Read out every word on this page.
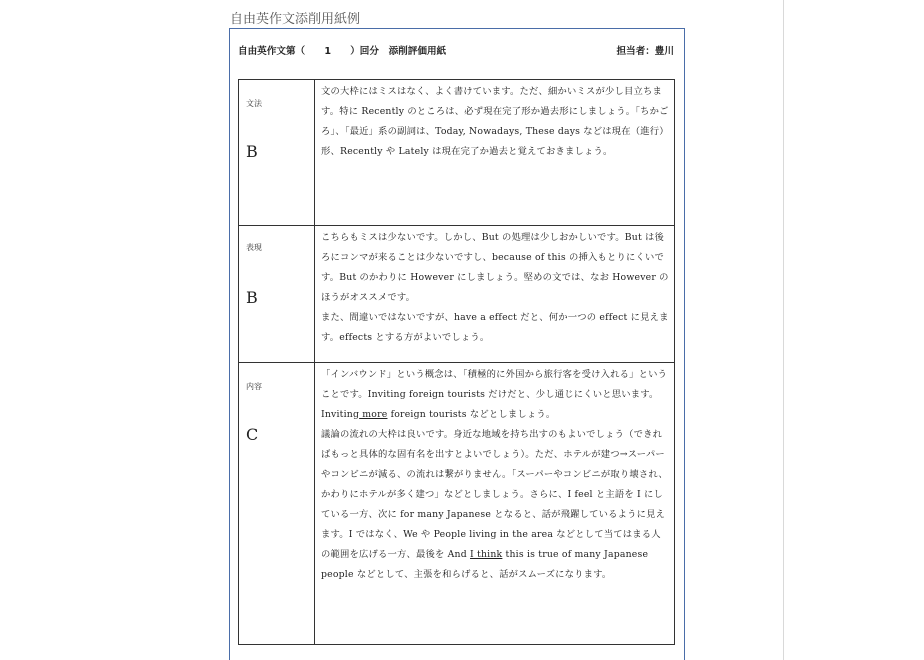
自由英作文添削用紙例
自由英作文第（　　1　　）回分　添削評価用紙	担当者：豊川
文法
B

文の大枠にはミスはなく、よく書けています。ただ、細かいミスが少し目立ちます。特に Recently のところは、必ず現在完了形か過去形にしましょう。「ちかごろ」、「最近」系の副詞は、Today, Nowadays, These days などは現在（進行）形、Recently や Lately は現在完了か過去と覚えておきましょう。

表現
B

こちらもミスは少ないです。しかし、But の処理は少しおかしいです。But は後ろにコンマが来ることは少ないですし、because of this の挿入もとりにくいです。But のかわりに However にしましょう。堅めの文では、なお However のほうがオススメです。

また、間違いではないですが、have a effect だと、何か一つの effect に見えます。effects とする方がよいでしょう。

内容
C

「インバウンド」という概念は、「積極的に外国から旅行客を受け入れる」ということです。Inviting foreign tourists だけだと、少し通じにくいと思います。Inviting more foreign tourists などとしましょう。

議論の流れの大枠は良いです。身近な地域を持ち出すのもよいでしょう（できればもっと具体的な固有名を出すとよいでしょう）。ただ、ホテルが建つ→スーパーやコンビニが減る、の流れは繋がりません。「スーパーやコンビニが取り壊され、かわりにホテルが多く建つ」などとしましょう。さらに、I feel と主語を I にしている一方、次に for many Japanese となると、話が飛躍しているように見えます。I ではなく、We や People living in the area などとして当てはまる人の範囲を広げる一方、最後を And I think this is true of many Japanese people などとして、主張を和らげると、話がスムーズになります。
